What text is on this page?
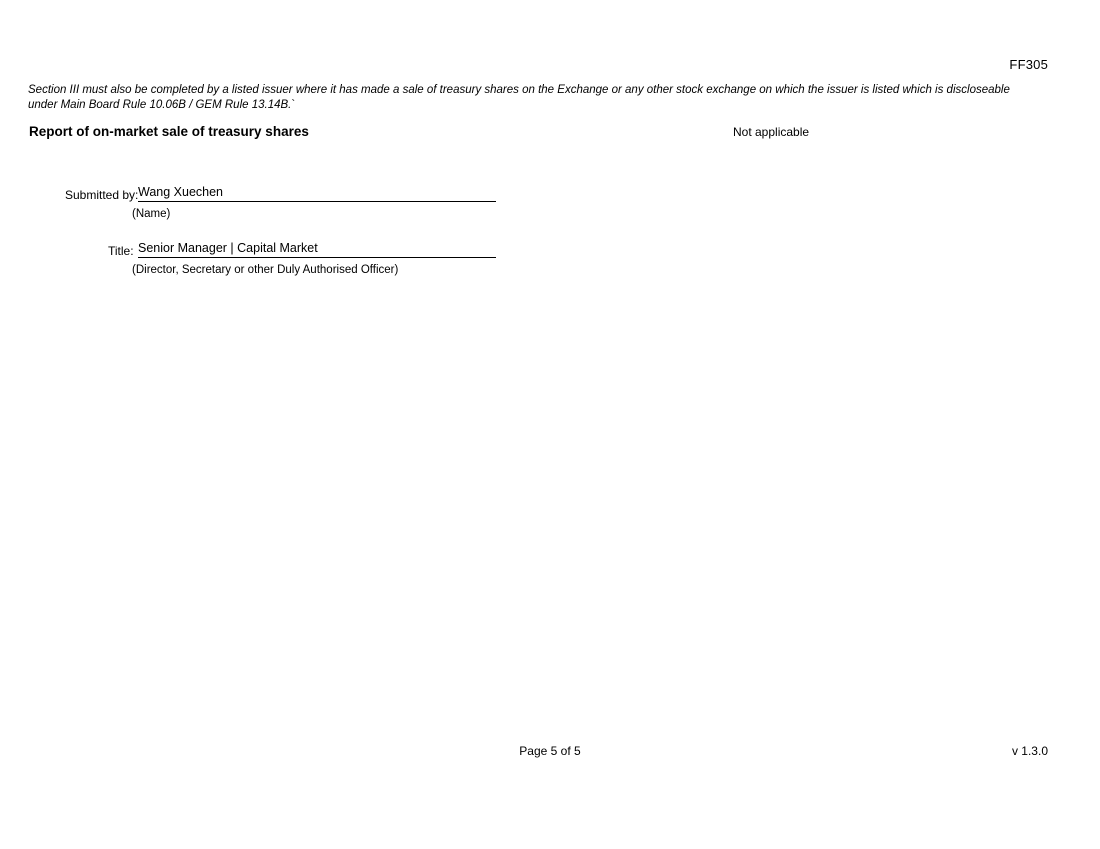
FF305
Section III must also be completed by a listed issuer where it has made a sale of treasury shares on the Exchange or any other stock exchange on which the issuer is listed which is discloseable under Main Board Rule 10.06B / GEM Rule 13.14B.`
Report of on-market sale of treasury shares	Not applicable
Submitted by: Wang Xuechen
(Name)
Title: Senior Manager | Capital Market
(Director, Secretary or other Duly Authorised Officer)
Page 5 of 5	v 1.3.0
